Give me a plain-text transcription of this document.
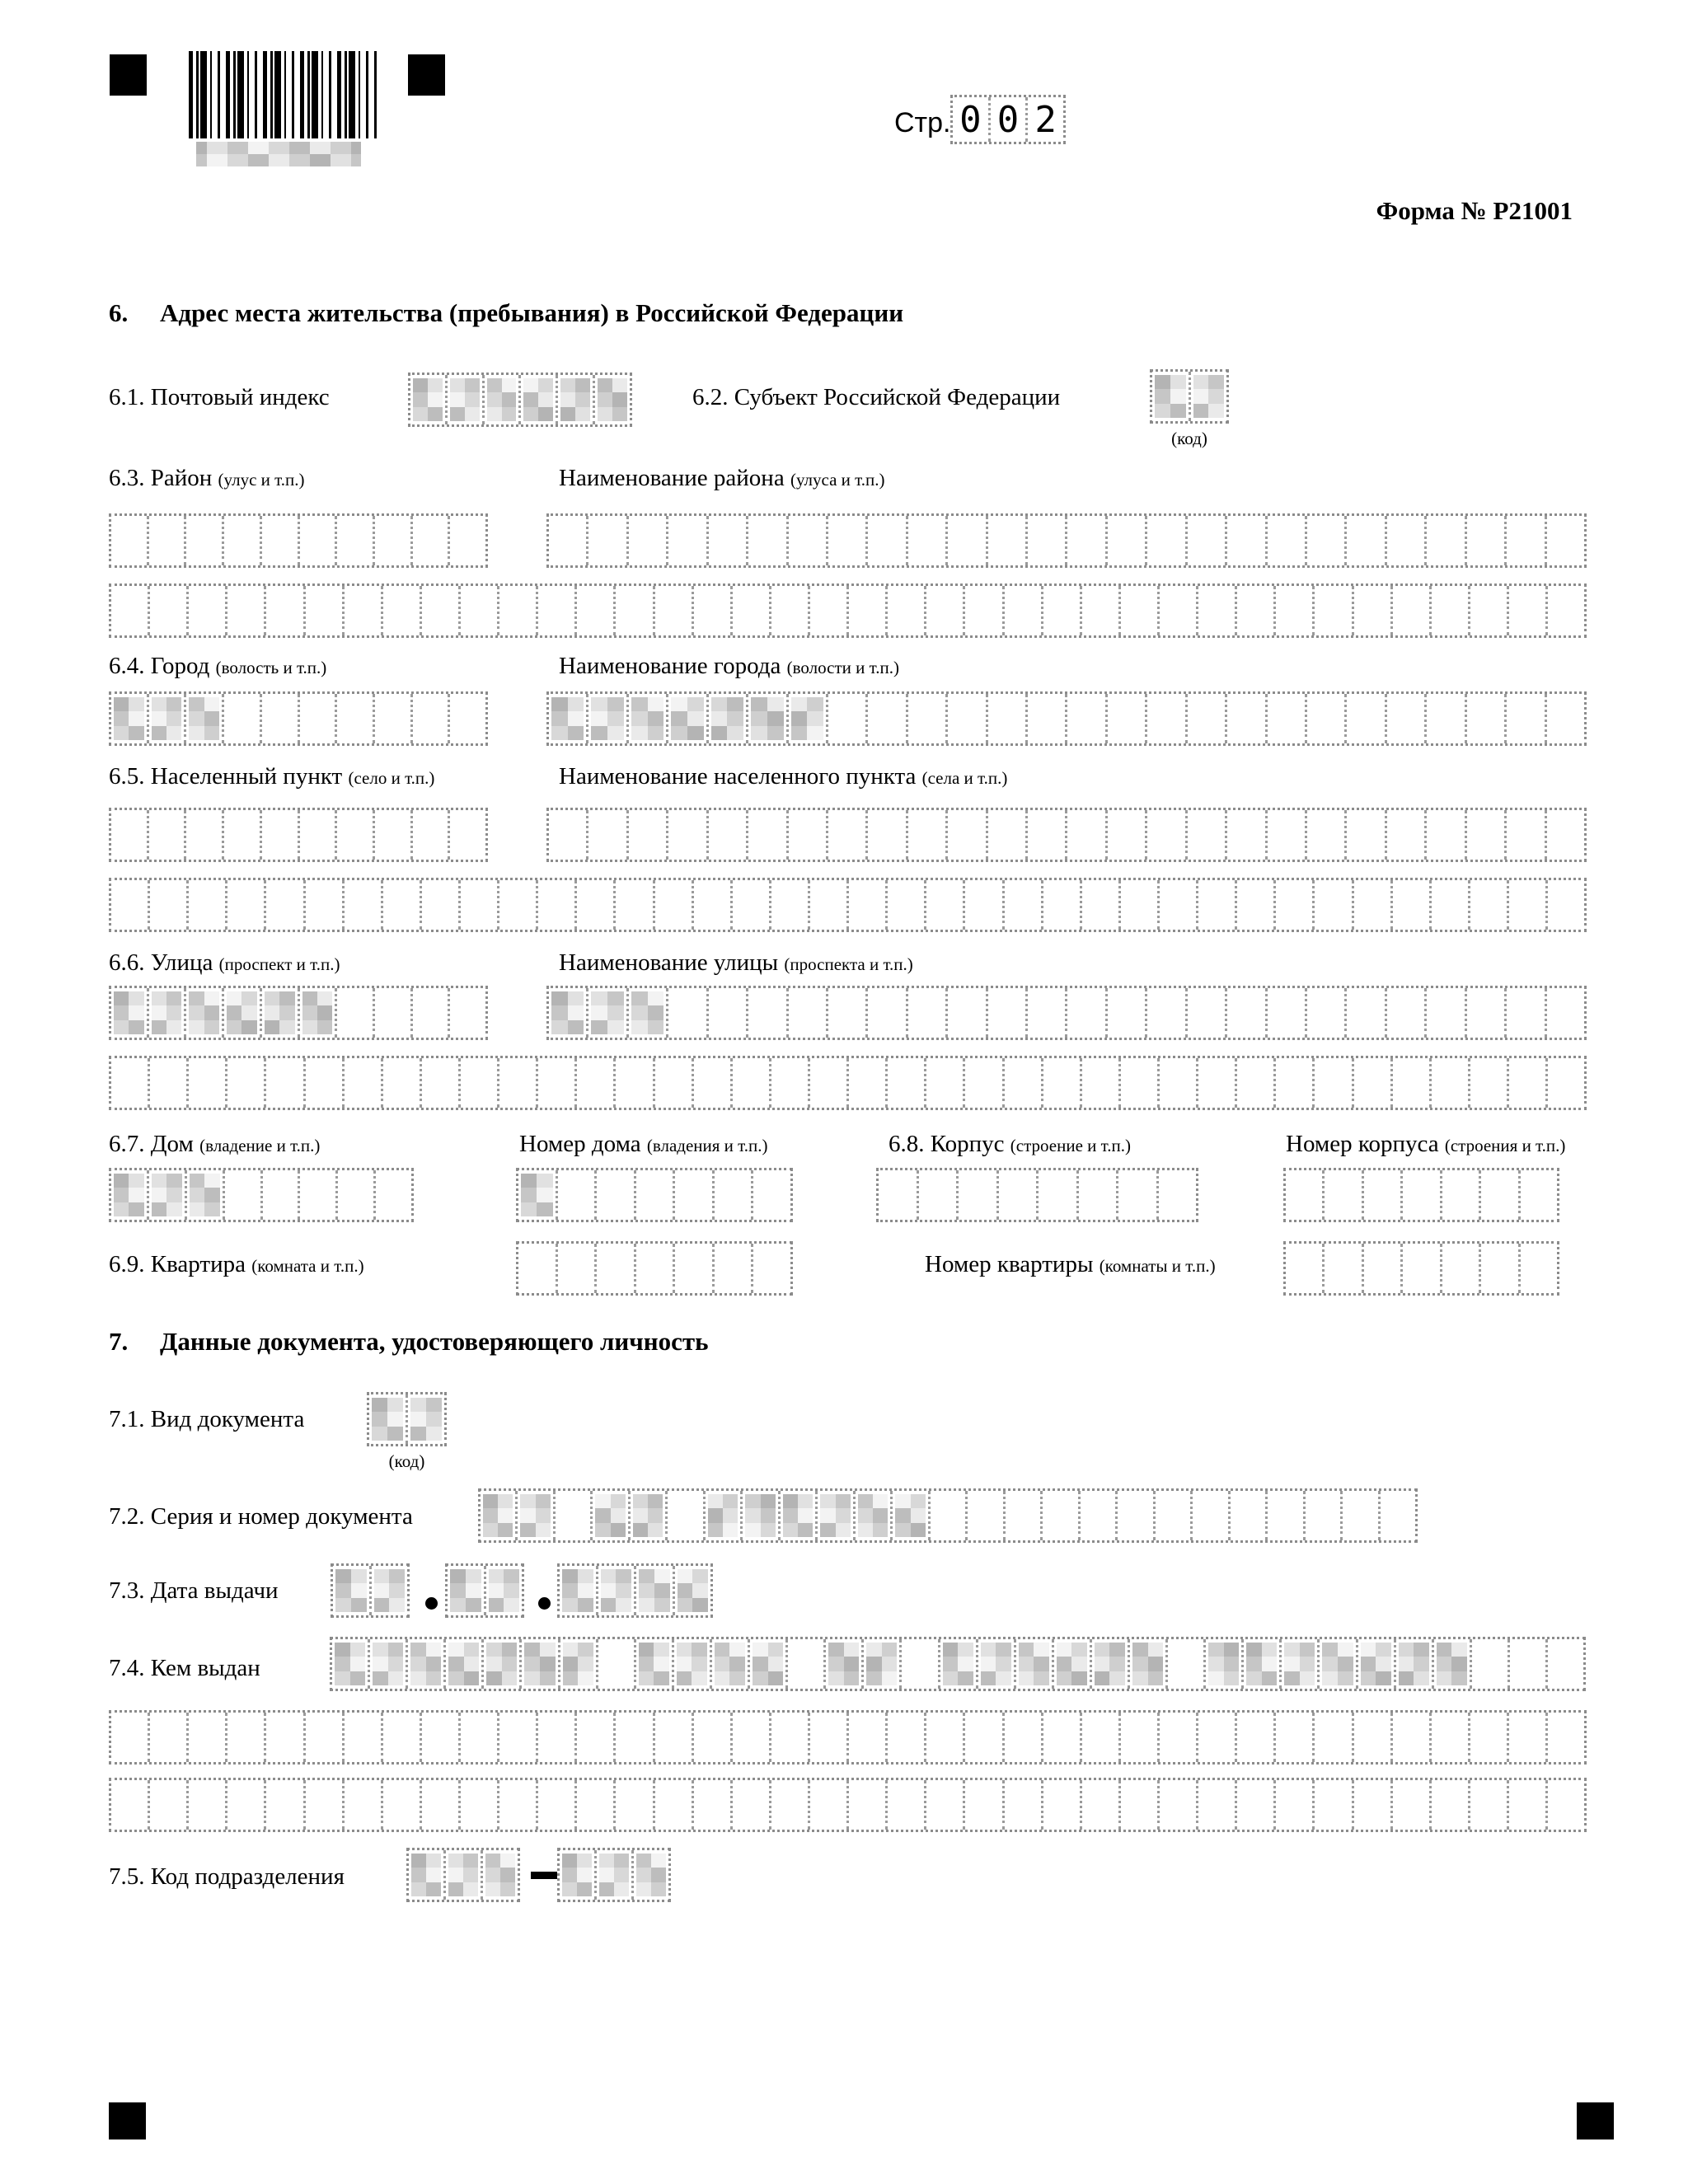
Стр. 0 0 2
Форма № Р21001
6. Адрес места жительства (пребывания) в Российской Федерации
6.1. Почтовый индекс	6.2. Субъект Российской Федерации
(код)
6.3. Район (улус и т.п.)	Наименование района (улуса и т.п.)
6.4. Город (волость и т.п.)	Наименование города (волости и т.п.)
6.5. Населенный пункт (село и т.п.)	Наименование населенного пункта (села и т.п.)
6.6. Улица (проспект и т.п.)	Наименование улицы (проспекта и т.п.)
6.7. Дом (владение и т.п.)	Номер дома (владения и т.п.)	6.8. Корпус (строение и т.п.)	Номер корпуса (строения и т.п.)
6.9. Квартира (комната и т.п.)	Номер квартиры (комнаты и т.п.)
7. Данные документа, удостоверяющего личность
7.1. Вид документа
(код)
7.2. Серия и номер документа
7.3. Дата выдачи
7.4. Кем выдан
7.5. Код подразделения
